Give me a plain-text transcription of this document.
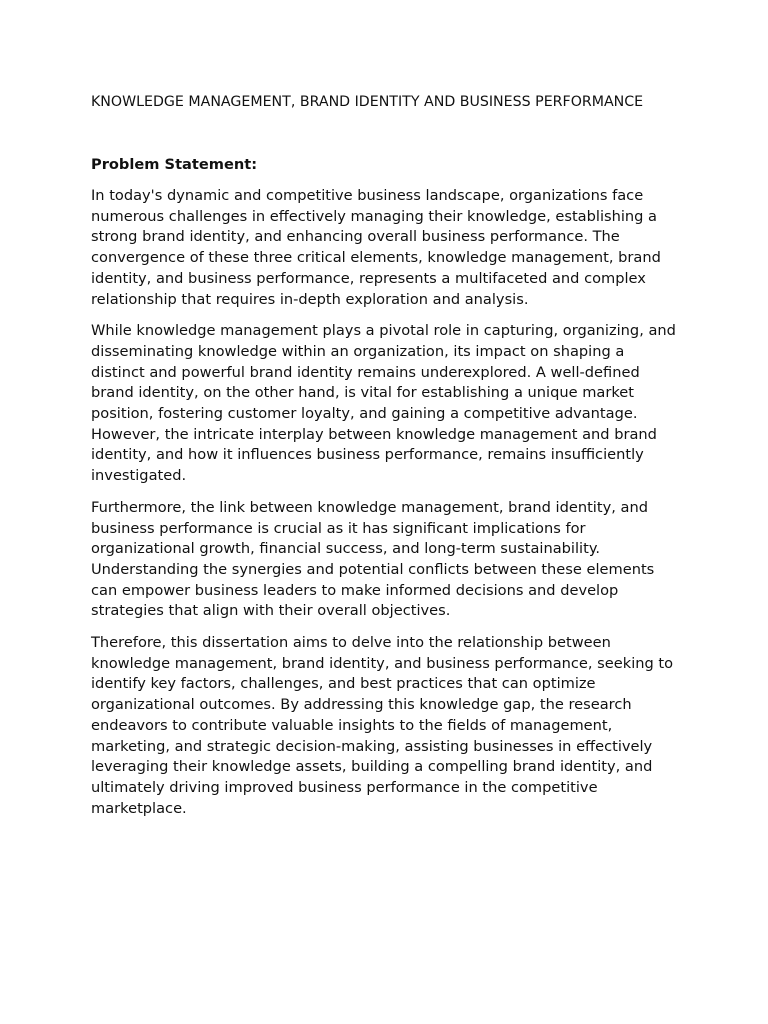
KNOWLEDGE MANAGEMENT, BRAND IDENTITY AND BUSINESS PERFORMANCE
Problem Statement:

In today's dynamic and competitive business landscape, organizations face numerous challenges in effectively managing their knowledge, establishing a strong brand identity, and enhancing overall business performance. The convergence of these three critical elements, knowledge management, brand identity, and business performance, represents a multifaceted and complex relationship that requires in-depth exploration and analysis.

While knowledge management plays a pivotal role in capturing, organizing, and disseminating knowledge within an organization, its impact on shaping a distinct and powerful brand identity remains underexplored. A well-defined brand identity, on the other hand, is vital for establishing a unique market position, fostering customer loyalty, and gaining a competitive advantage. However, the intricate interplay between knowledge management and brand identity, and how it influences business performance, remains insufficiently investigated.

Furthermore, the link between knowledge management, brand identity, and business performance is crucial as it has significant implications for organizational growth, financial success, and long-term sustainability. Understanding the synergies and potential conflicts between these elements can empower business leaders to make informed decisions and develop strategies that align with their overall objectives.

Therefore, this dissertation aims to delve into the relationship between knowledge management, brand identity, and business performance, seeking to identify key factors, challenges, and best practices that can optimize organizational outcomes. By addressing this knowledge gap, the research endeavors to contribute valuable insights to the fields of management, marketing, and strategic decision-making, assisting businesses in effectively leveraging their knowledge assets, building a compelling brand identity, and ultimately driving improved business performance in the competitive marketplace.
